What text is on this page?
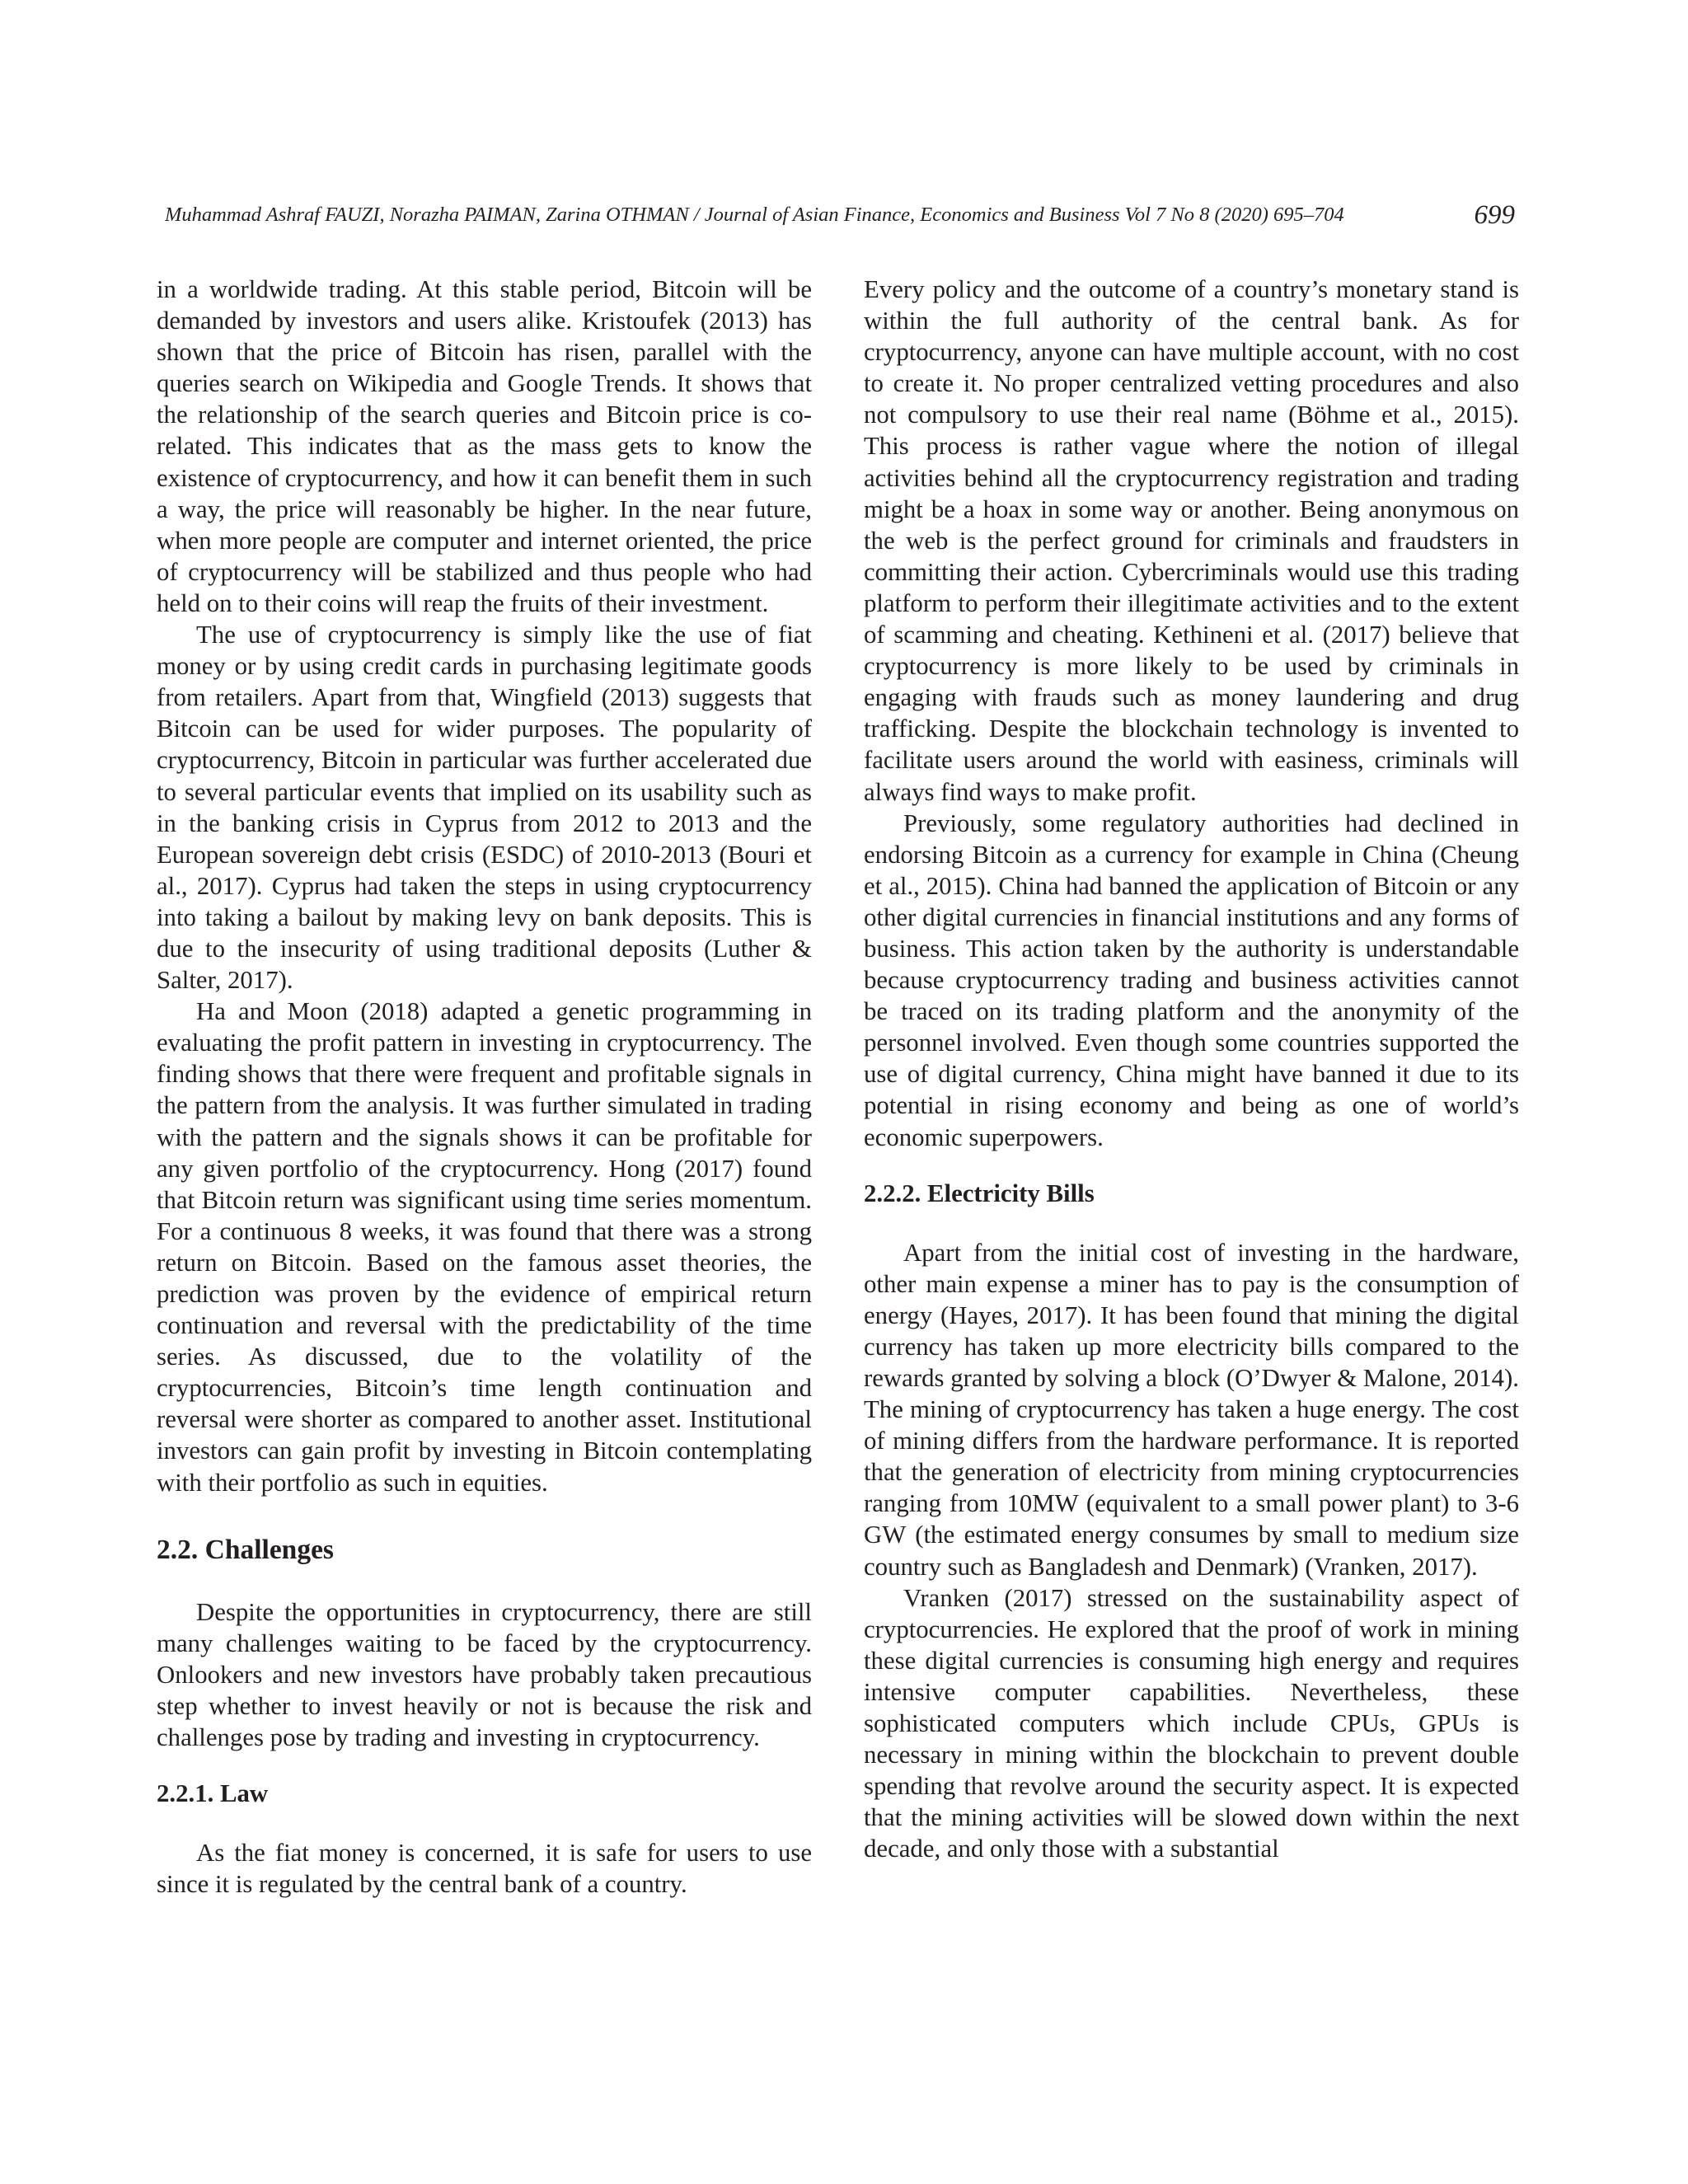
Muhammad Ashraf FAUZI, Norazha PAIMAN, Zarina OTHMAN / Journal of Asian Finance, Economics and Business Vol 7 No 8 (2020) 695–704	699

in a worldwide trading. At this stable period, Bitcoin will be demanded by investors and users alike. Kristoufek (2013) has shown that the price of Bitcoin has risen, parallel with the queries search on Wikipedia and Google Trends. It shows that the relationship of the search queries and Bitcoin price is co-related. This indicates that as the mass gets to know the existence of cryptocurrency, and how it can benefit them in such a way, the price will reasonably be higher. In the near future, when more people are computer and internet oriented, the price of cryptocurrency will be stabilized and thus people who had held on to their coins will reap the fruits of their investment.

The use of cryptocurrency is simply like the use of fiat money or by using credit cards in purchasing legitimate goods from retailers. Apart from that, Wingfield (2013) suggests that Bitcoin can be used for wider purposes. The popularity of cryptocurrency, Bitcoin in particular was further accelerated due to several particular events that implied on its usability such as in the banking crisis in Cyprus from 2012 to 2013 and the European sovereign debt crisis (ESDC) of 2010-2013 (Bouri et al., 2017). Cyprus had taken the steps in using cryptocurrency into taking a bailout by making levy on bank deposits. This is due to the insecurity of using traditional deposits (Luther & Salter, 2017).

Ha and Moon (2018) adapted a genetic programming in evaluating the profit pattern in investing in cryptocurrency. The finding shows that there were frequent and profitable signals in the pattern from the analysis. It was further simulated in trading with the pattern and the signals shows it can be profitable for any given portfolio of the cryptocurrency. Hong (2017) found that Bitcoin return was significant using time series momentum. For a continuous 8 weeks, it was found that there was a strong return on Bitcoin. Based on the famous asset theories, the prediction was proven by the evidence of empirical return continuation and reversal with the predictability of the time series. As discussed, due to the volatility of the cryptocurrencies, Bitcoin’s time length continuation and reversal were shorter as compared to another asset. Institutional investors can gain profit by investing in Bitcoin contemplating with their portfolio as such in equities.

2.2. Challenges

Despite the opportunities in cryptocurrency, there are still many challenges waiting to be faced by the cryptocurrency. Onlookers and new investors have probably taken precautious step whether to invest heavily or not is because the risk and challenges pose by trading and investing in cryptocurrency.

2.2.1. Law

As the fiat money is concerned, it is safe for users to use since it is regulated by the central bank of a country.

Every policy and the outcome of a country’s monetary stand is within the full authority of the central bank. As for cryptocurrency, anyone can have multiple account, with no cost to create it. No proper centralized vetting procedures and also not compulsory to use their real name (Böhme et al., 2015). This process is rather vague where the notion of illegal activities behind all the cryptocurrency registration and trading might be a hoax in some way or another. Being anonymous on the web is the perfect ground for criminals and fraudsters in committing their action. Cybercriminals would use this trading platform to perform their illegitimate activities and to the extent of scamming and cheating. Kethineni et al. (2017) believe that cryptocurrency is more likely to be used by criminals in engaging with frauds such as money laundering and drug trafficking. Despite the blockchain technology is invented to facilitate users around the world with easiness, criminals will always find ways to make profit.

Previously, some regulatory authorities had declined in endorsing Bitcoin as a currency for example in China (Cheung et al., 2015). China had banned the application of Bitcoin or any other digital currencies in financial institutions and any forms of business. This action taken by the authority is understandable because cryptocurrency trading and business activities cannot be traced on its trading platform and the anonymity of the personnel involved. Even though some countries supported the use of digital currency, China might have banned it due to its potential in rising economy and being as one of world’s economic superpowers.

2.2.2. Electricity Bills

Apart from the initial cost of investing in the hardware, other main expense a miner has to pay is the consumption of energy (Hayes, 2017). It has been found that mining the digital currency has taken up more electricity bills compared to the rewards granted by solving a block (O’Dwyer & Malone, 2014). The mining of cryptocurrency has taken a huge energy. The cost of mining differs from the hardware performance. It is reported that the generation of electricity from mining cryptocurrencies ranging from 10MW (equivalent to a small power plant) to 3-6 GW (the estimated energy consumes by small to medium size country such as Bangladesh and Denmark) (Vranken, 2017).

Vranken (2017) stressed on the sustainability aspect of cryptocurrencies. He explored that the proof of work in mining these digital currencies is consuming high energy and requires intensive computer capabilities. Nevertheless, these sophisticated computers which include CPUs, GPUs is necessary in mining within the blockchain to prevent double spending that revolve around the security aspect. It is expected that the mining activities will be slowed down within the next decade, and only those with a substantial
